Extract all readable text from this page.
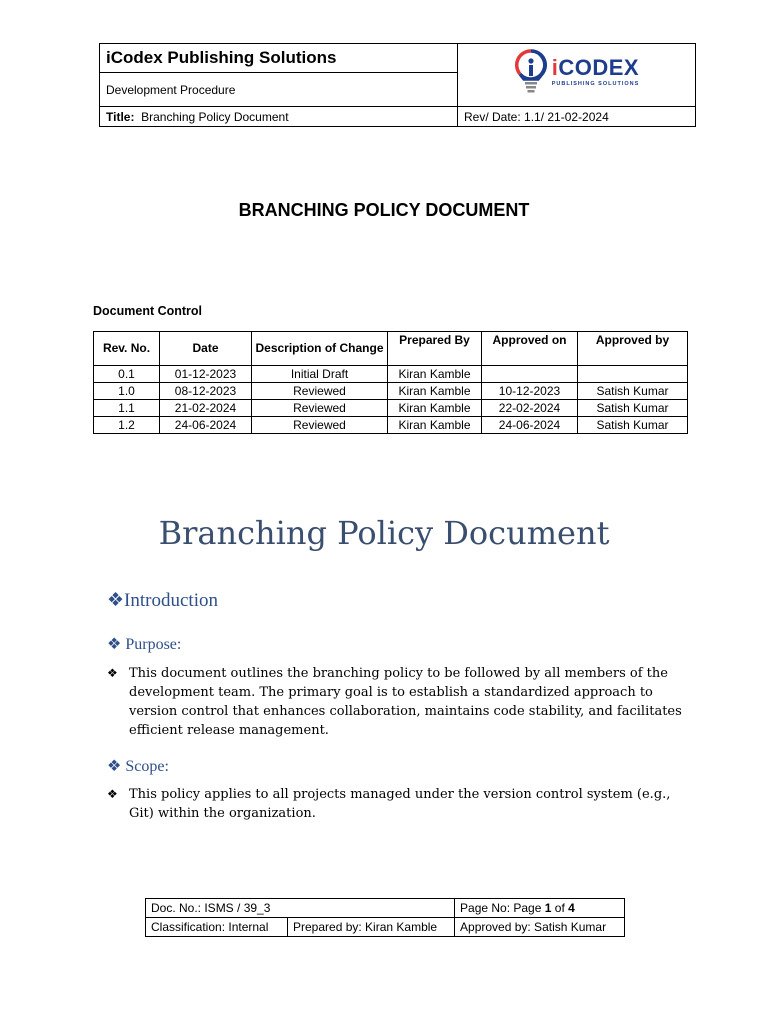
iCodex Publishing Solutions	iCODEX
PUBLISHING SOLUTIONS

Development Procedure	
Title: Branching Policy Document	Rev/ Date: 1.1/ 21-02-2024
BRANCHING POLICY DOCUMENT
Document Control
Rev. No.	Date	Description of Change	Prepared By	Approved on	Approved by
0.1	01-12-2023	Initial Draft	Kiran Kamble		
1.0	08-12-2023	Reviewed	Kiran Kamble	10-12-2023	Satish Kumar
1.1	21-02-2024	Reviewed	Kiran Kamble	22-02-2024	Satish Kumar
1.2	24-06-2024	Reviewed	Kiran Kamble	24-06-2024	Satish Kumar
Branching Policy Document
❖Introduction
❖ Purpose:
❖ This document outlines the branching policy to be followed by all members of the development team. The primary goal is to establish a standardized approach to version control that enhances collaboration, maintains code stability, and facilitates efficient release management.
❖ Scope:
❖ This policy applies to all projects managed under the version control system (e.g., Git) within the organization.
Doc. No.: ISMS / 39_3		Page No: Page 1 of 4
Classification: Internal	Prepared by: Kiran Kamble	Approved by: Satish Kumar
